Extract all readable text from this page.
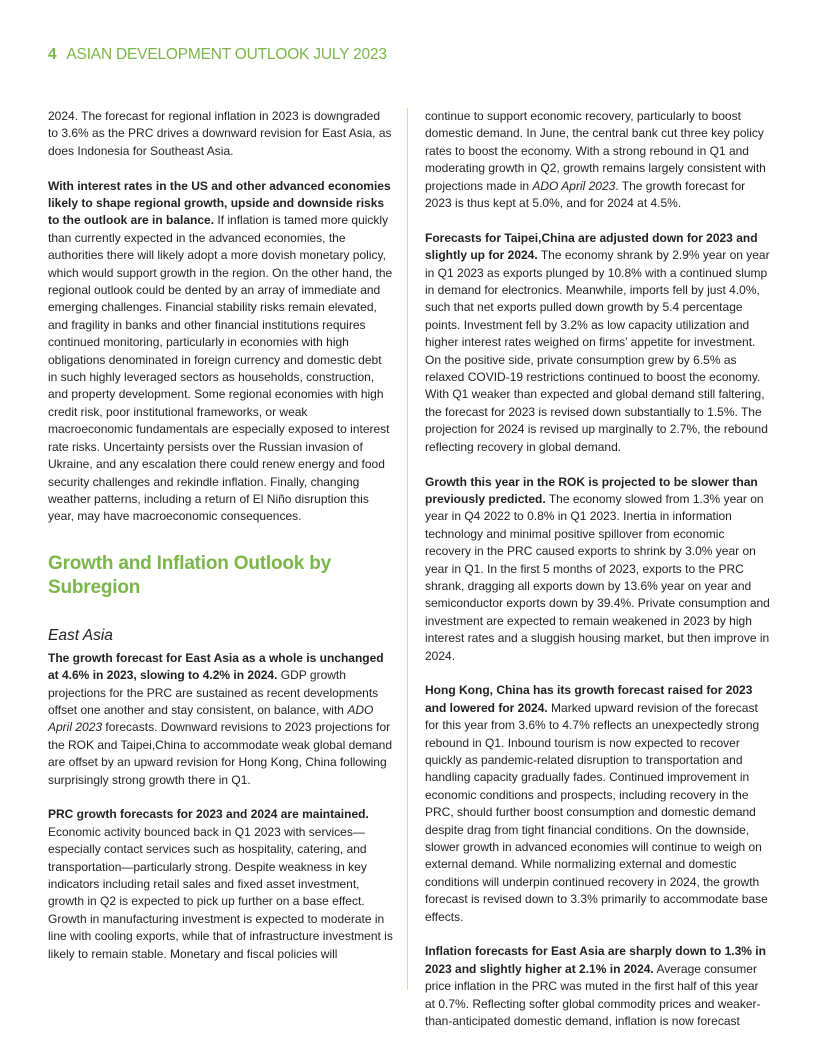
4 ASIAN DEVELOPMENT OUTLOOK JULY 2023

2024. The forecast for regional inflation in 2023 is downgraded to 3.6% as the PRC drives a downward revision for East Asia, as does Indonesia for Southeast Asia.

With interest rates in the US and other advanced economies likely to shape regional growth, upside and downside risks to the outlook are in balance. If inflation is tamed more quickly than currently expected in the advanced economies, the authorities there will likely adopt a more dovish monetary policy, which would support growth in the region. On the other hand, the regional outlook could be dented by an array of immediate and emerging challenges. Financial stability risks remain elevated, and fragility in banks and other financial institutions requires continued monitoring, particularly in economies with high obligations denominated in foreign currency and domestic debt in such highly leveraged sectors as households, construction, and property development. Some regional economies with high credit risk, poor institutional frameworks, or weak macroeconomic fundamentals are especially exposed to interest rate risks. Uncertainty persists over the Russian invasion of Ukraine, and any escalation there could renew energy and food security challenges and rekindle inflation. Finally, changing weather patterns, including a return of El Niño disruption this year, may have macroeconomic consequences.

Growth and Inflation Outlook by Subregion
East Asia

The growth forecast for East Asia as a whole is unchanged at 4.6% in 2023, slowing to 4.2% in 2024. GDP growth projections for the PRC are sustained as recent developments offset one another and stay consistent, on balance, with ADO April 2023 forecasts. Downward revisions to 2023 projections for the ROK and Taipei,China to accommodate weak global demand are offset by an upward revision for Hong Kong, China following surprisingly strong growth there in Q1.

PRC growth forecasts for 2023 and 2024 are maintained. Economic activity bounced back in Q1 2023 with services—especially contact services such as hospitality, catering, and transportation—particularly strong. Despite weakness in key indicators including retail sales and fixed asset investment, growth in Q2 is expected to pick up further on a base effect. Growth in manufacturing investment is expected to moderate in line with cooling exports, while that of infrastructure investment is likely to remain stable. Monetary and fiscal policies will

continue to support economic recovery, particularly to boost domestic demand. In June, the central bank cut three key policy rates to boost the economy. With a strong rebound in Q1 and moderating growth in Q2, growth remains largely consistent with projections made in ADO April 2023. The growth forecast for 2023 is thus kept at 5.0%, and for 2024 at 4.5%.

Forecasts for Taipei,China are adjusted down for 2023 and slightly up for 2024. The economy shrank by 2.9% year on year in Q1 2023 as exports plunged by 10.8% with a continued slump in demand for electronics. Meanwhile, imports fell by just 4.0%, such that net exports pulled down growth by 5.4 percentage points. Investment fell by 3.2% as low capacity utilization and higher interest rates weighed on firms’ appetite for investment. On the positive side, private consumption grew by 6.5% as relaxed COVID-19 restrictions continued to boost the economy. With Q1 weaker than expected and global demand still faltering, the forecast for 2023 is revised down substantially to 1.5%. The projection for 2024 is revised up marginally to 2.7%, the rebound reflecting recovery in global demand.

Growth this year in the ROK is projected to be slower than previously predicted. The economy slowed from 1.3% year on year in Q4 2022 to 0.8% in Q1 2023. Inertia in information technology and minimal positive spillover from economic recovery in the PRC caused exports to shrink by 3.0% year on year in Q1. In the first 5 months of 2023, exports to the PRC shrank, dragging all exports down by 13.6% year on year and semiconductor exports down by 39.4%. Private consumption and investment are expected to remain weakened in 2023 by high interest rates and a sluggish housing market, but then improve in 2024.

Hong Kong, China has its growth forecast raised for 2023 and lowered for 2024. Marked upward revision of the forecast for this year from 3.6% to 4.7% reflects an unexpectedly strong rebound in Q1. Inbound tourism is now expected to recover quickly as pandemic-related disruption to transportation and handling capacity gradually fades. Continued improvement in economic conditions and prospects, including recovery in the PRC, should further boost consumption and domestic demand despite drag from tight financial conditions. On the downside, slower growth in advanced economies will continue to weigh on external demand. While normalizing external and domestic conditions will underpin continued recovery in 2024, the growth forecast is revised down to 3.3% primarily to accommodate base effects.

Inflation forecasts for East Asia are sharply down to 1.3% in 2023 and slightly higher at 2.1% in 2024. Average consumer price inflation in the PRC was muted in the first half of this year at 0.7%. Reflecting softer global commodity prices and weaker-than-anticipated domestic demand, inflation is now forecast
